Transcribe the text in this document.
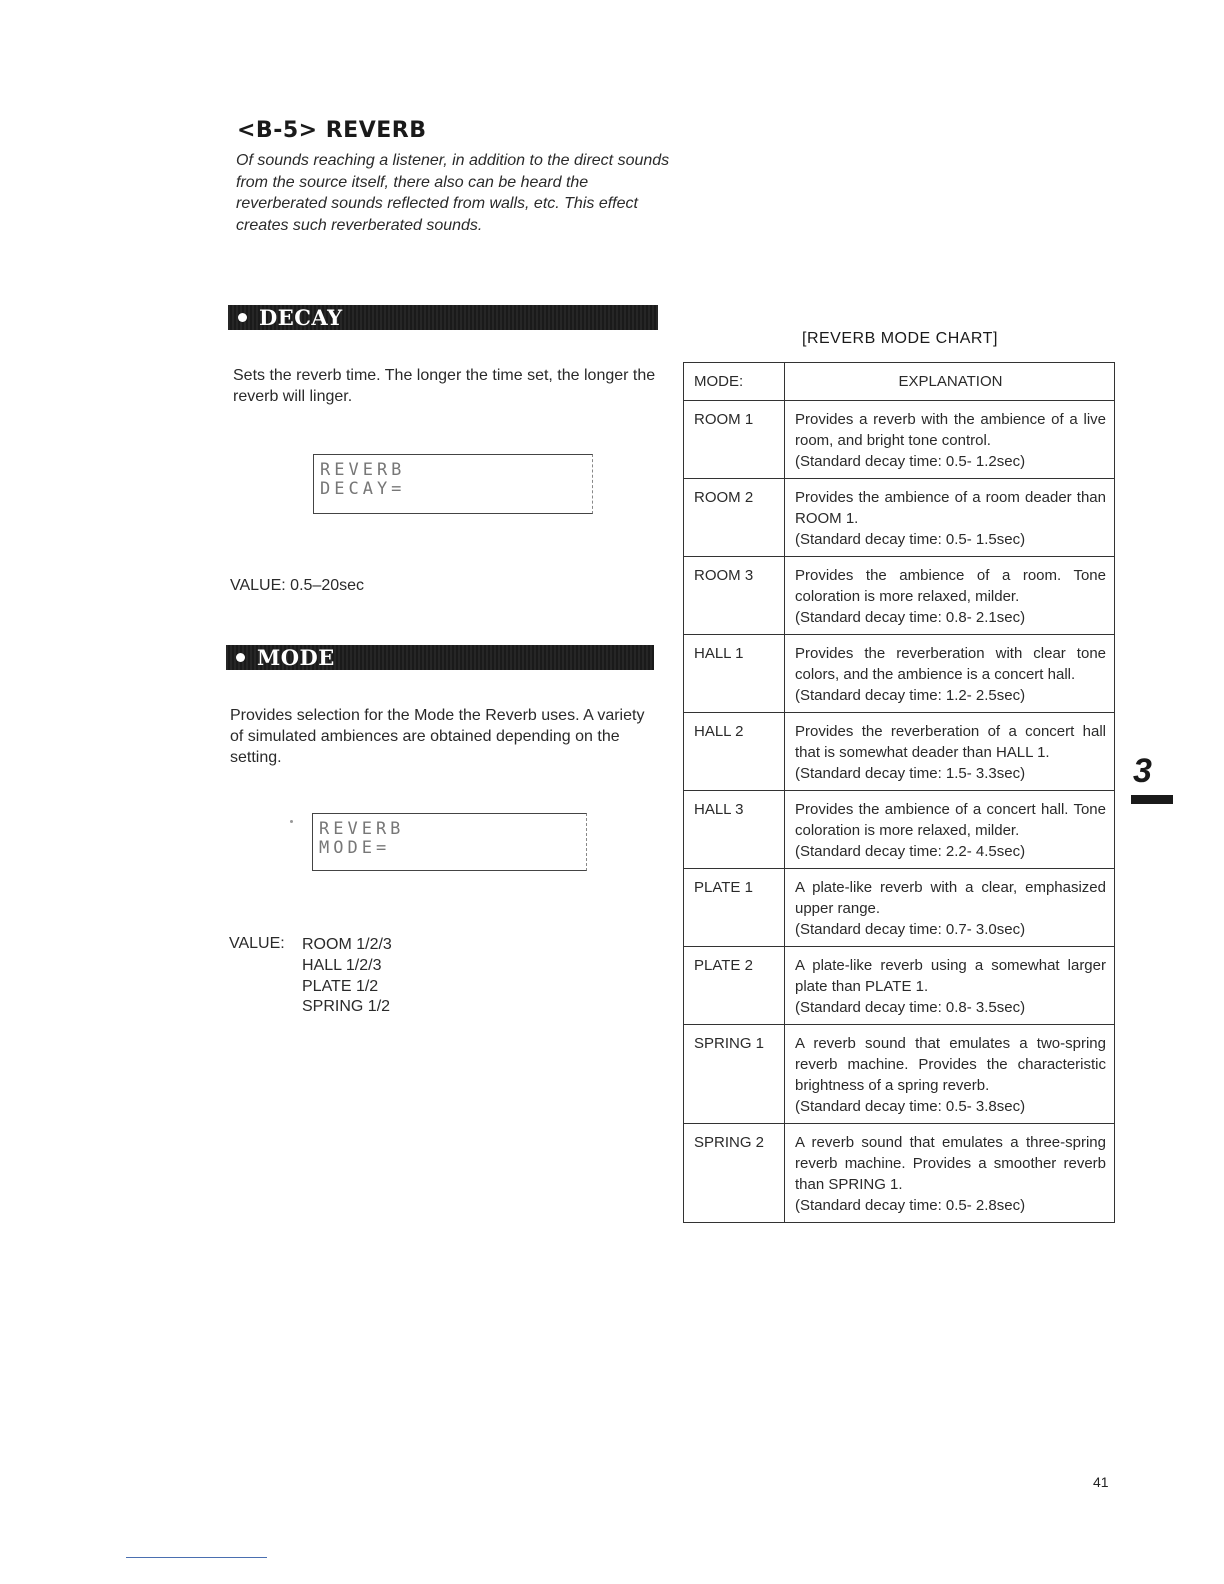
<B-5> REVERB
Of sounds reaching a listener, in addition to the direct sounds from the source itself, there also can be heard the reverberated sounds reflected from walls, etc. This effect creates such reverberated sounds.
DECAY
Sets the reverb time. The longer the time set, the longer the reverb will linger.
REVERB
DECAY=
VALUE: 0.5–20sec
MODE
Provides selection for the Mode the Reverb uses. A variety of simulated ambiences are obtained depending on the setting.
REVERB
MODE=
VALUE: ROOM 1/2/3
HALL 1/2/3
PLATE 1/2
SPRING 1/2
[REVERB MODE CHART]
MODE:	EXPLANATION
ROOM 1	Provides a reverb with the ambience of a live room, and bright tone control.
(Standard decay time: 0.5- 1.2sec)

ROOM 2	Provides the ambience of a room deader than ROOM 1.
(Standard decay time: 0.5- 1.5sec)

ROOM 3	Provides the ambience of a room. Tone coloration is more relaxed, milder.
(Standard decay time: 0.8- 2.1sec)

HALL 1	Provides the reverberation with clear tone colors, and the ambience is a concert hall.
(Standard decay time: 1.2- 2.5sec)

HALL 2	Provides the reverberation of a concert hall that is somewhat deader than HALL 1.
(Standard decay time: 1.5- 3.3sec)

HALL 3	Provides the ambience of a concert hall. Tone coloration is more relaxed, milder.
(Standard decay time: 2.2- 4.5sec)

PLATE 1	A plate-like reverb with a clear, emphasized upper range.
(Standard decay time: 0.7- 3.0sec)

PLATE 2	A plate-like reverb using a somewhat larger plate than PLATE 1.
(Standard decay time: 0.8- 3.5sec)

SPRING 1	A reverb sound that emulates a two-spring reverb machine. Provides the characteristic brightness of a spring reverb.
(Standard decay time: 0.5- 3.8sec)

SPRING 2	A reverb sound that emulates a three-spring reverb machine. Provides a smoother reverb than SPRING 1.
(Standard decay time: 0.5- 2.8sec)
3
41
